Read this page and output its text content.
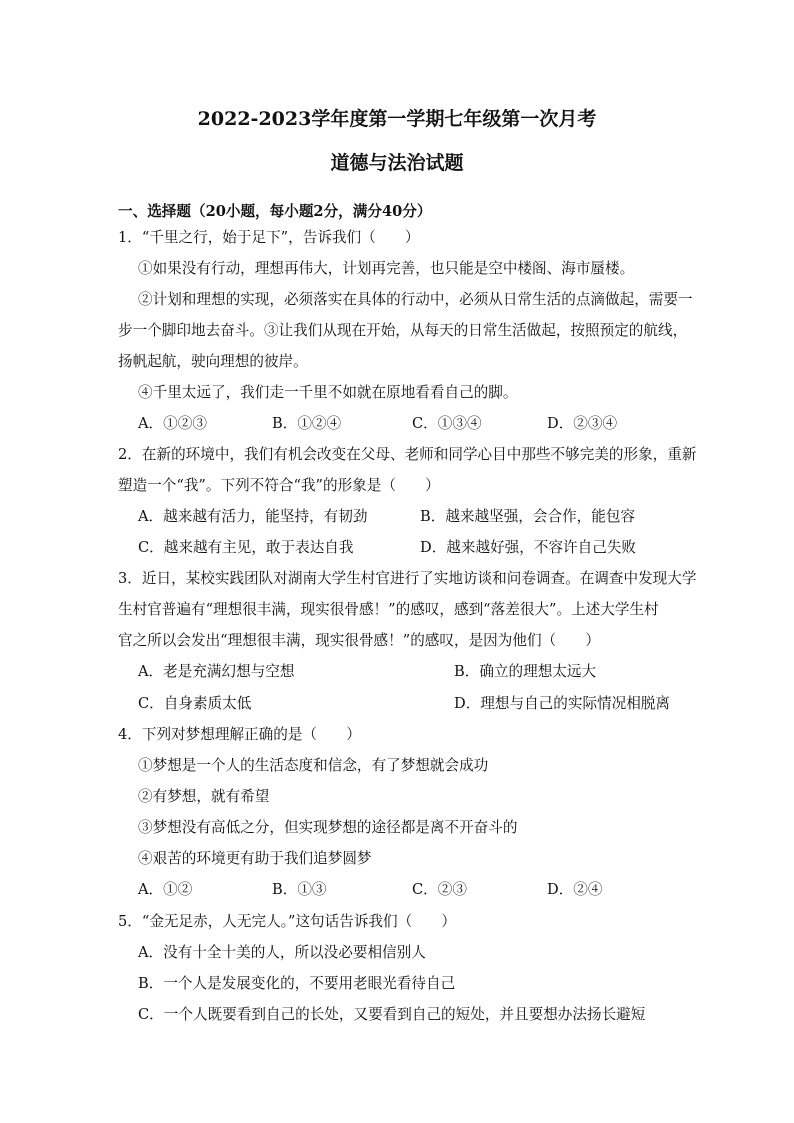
2022-2023学年度第一学期七年级第一次月考
道德与法治试题
一、选择题（20小题，每小题2分，满分40分）
1．“千里之行，始于足下”，告诉我们（　　）
①如果没有行动，理想再伟大，计划再完善，也只能是空中楼阁、海市蜃楼。
②计划和理想的实现，必须落实在具体的行动中，必须从日常生活的点滴做起，需要一
步一个脚印地去奋斗。③让我们从现在开始，从每天的日常生活做起，按照预定的航线，
扬帆起航，驶向理想的彼岸。
④千里太远了，我们走一千里不如就在原地看看自己的脚。
A．①②③	B．①②④	C．①③④	D．②③④
2．在新的环境中，我们有机会改变在父母、老师和同学心目中那些不够完美的形象，重新
塑造一个“我”。下列不符合“我”的形象是（　　）
A．越来越有活力，能坚持，有韧劲	B．越来越坚强，会合作，能包容
C．越来越有主见，敢于表达自我	D．越来越好强，不容许自己失败
3．近日，某校实践团队对湖南大学生村官进行了实地访谈和问卷调查。在调查中发现大学
生村官普遍有“理想很丰满，现实很骨感！”的感叹，感到“落差很大”。上述大学生村
官之所以会发出“理想很丰满，现实很骨感！”的感叹，是因为他们（　　）
A．老是充满幻想与空想	B．确立的理想太远大
C．自身素质太低	D．理想与自己的实际情况相脱离
4．下列对梦想理解正确的是（　　）
①梦想是一个人的生活态度和信念，有了梦想就会成功
②有梦想，就有希望
③梦想没有高低之分，但实现梦想的途径都是离不开奋斗的
④艰苦的环境更有助于我们追梦圆梦
A．①②	B．①③	C．②③	D．②④
5．“金无足赤，人无完人。”这句话告诉我们（　　）
A．没有十全十美的人，所以没必要相信别人
B．一个人是发展变化的，不要用老眼光看待自己
C．一个人既要看到自己的长处，又要看到自己的短处，并且要想办法扬长避短
